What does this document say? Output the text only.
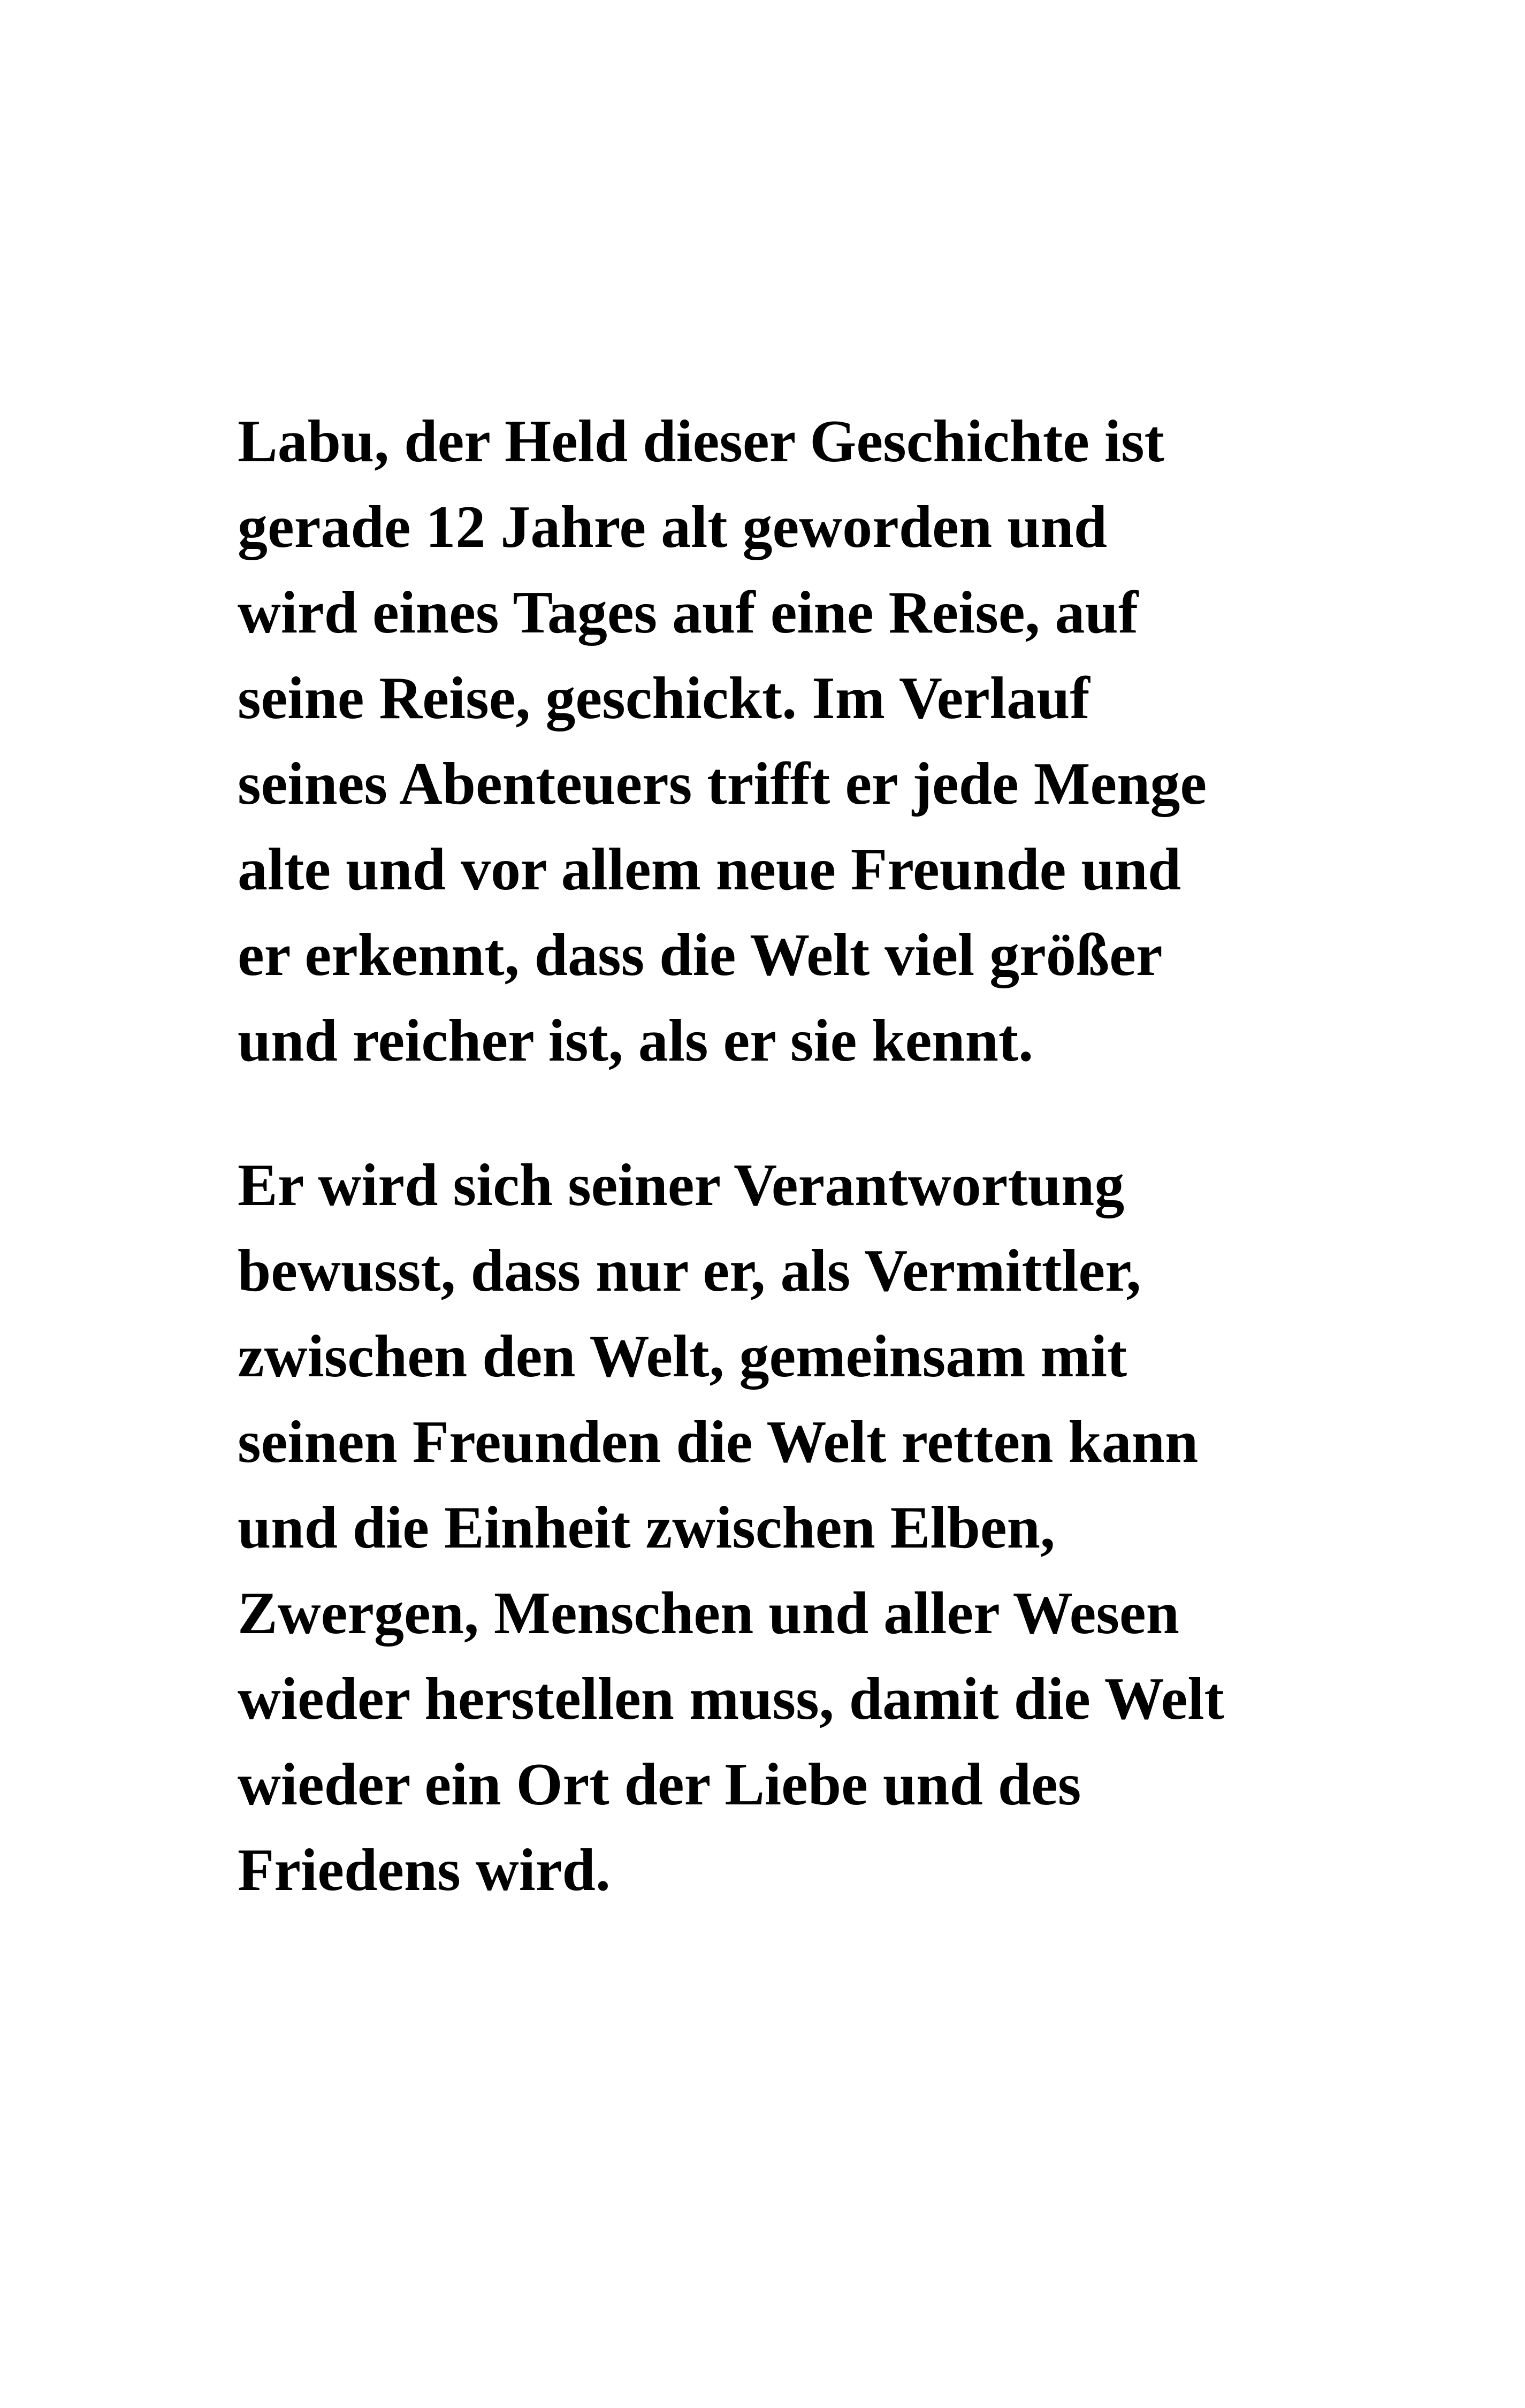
Labu, der Held dieser Geschichte ist
gerade 12 Jahre alt geworden und
wird eines Tages auf eine Reise, auf
seine Reise, geschickt. Im Verlauf
seines Abenteuers trifft er jede Menge
alte und vor allem neue Freunde und
er erkennt, dass die Welt viel größer
und reicher ist, als er sie kennt.
Er wird sich seiner Verantwortung
bewusst, dass nur er, als Vermittler,
zwischen den Welt, gemeinsam mit
seinen Freunden die Welt retten kann
und die Einheit zwischen Elben,
Zwergen, Menschen und aller Wesen
wieder herstellen muss, damit die Welt
wieder ein Ort der Liebe und des
Friedens wird.
